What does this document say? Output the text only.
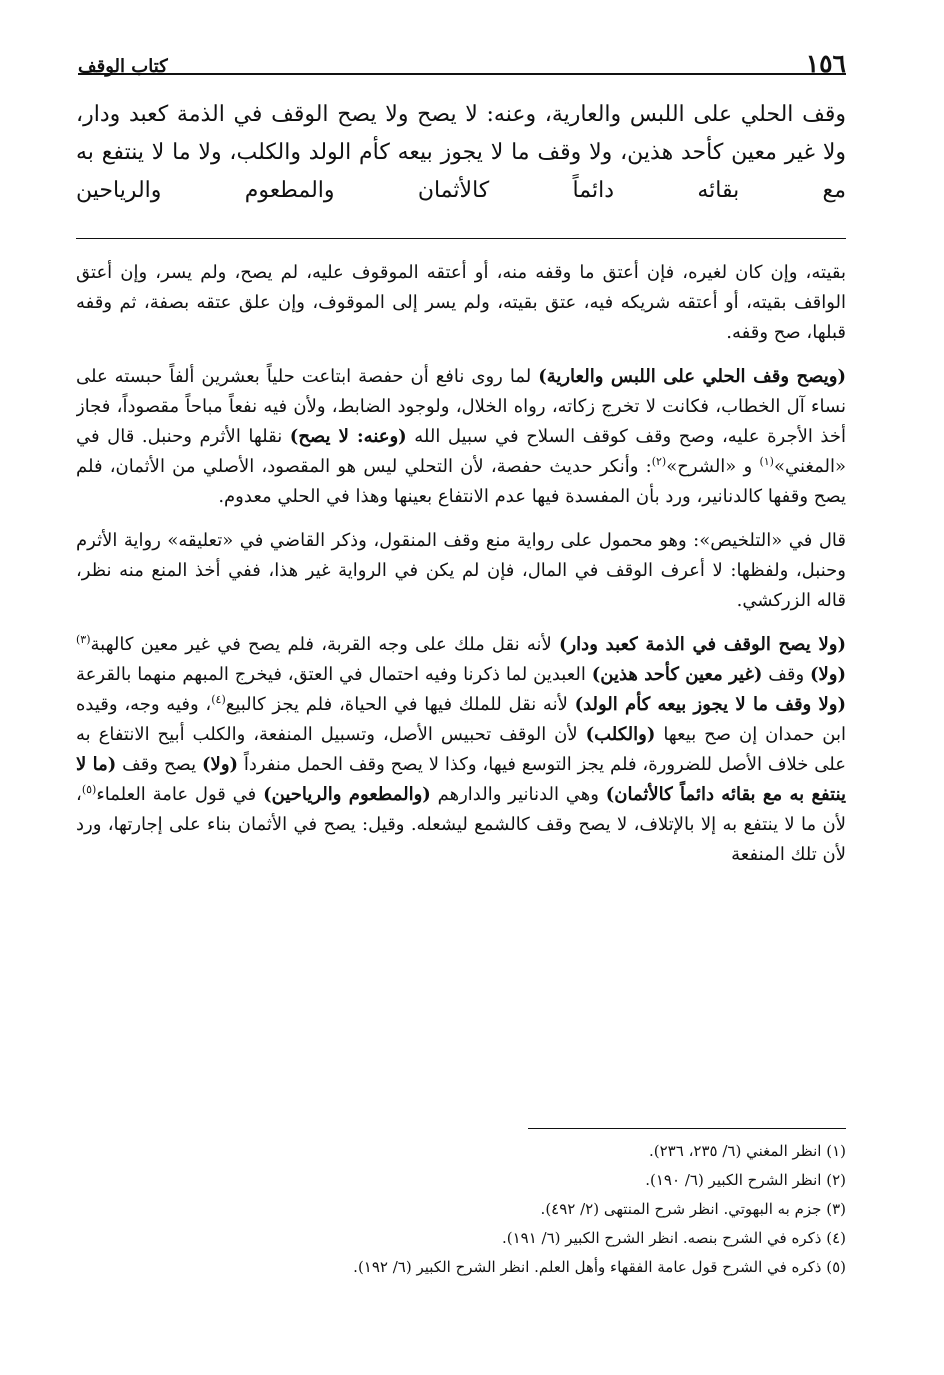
١٥٦
كتاب الوقف
وقف الحلي على اللبس والعارية، وعنه: لا يصح ولا يصح الوقف في الذمة كعبد ودار، ولا غير معين كأحد هذين، ولا وقف ما لا يجوز بيعه كأم الولد والكلب، ولا ما لا ينتفع به مع بقائه دائماً كالأثمان والمطعوم والرياحين

بقيته، وإن كان لغيره، فإن أعتق ما وقفه منه، أو أعتقه الموقوف عليه، لم يصح، ولم يسر، وإن أعتق الواقف بقيته، أو أعتقه شريكه فيه، عتق بقيته، ولم يسر إلى الموقوف، وإن علق عتقه بصفة، ثم وقفه قبلها، صح وقفه.

(ويصح وقف الحلي على اللبس والعارية) لما روى نافع أن حفصة ابتاعت حلياً بعشرين ألفاً حبسته على نساء آل الخطاب، فكانت لا تخرج زكاته، رواه الخلال، ولوجود الضابط، ولأن فيه نفعاً مباحاً مقصوداً، فجاز أخذ الأجرة عليه، وصح وقف كوقف السلاح في سبيل الله (وعنه: لا يصح) نقلها الأثرم وحنبل. قال في «المغني»$^{(١)}$ و «الشرح»$^{(٢)}$: وأنكر حديث حفصة، لأن التحلي ليس هو المقصود، الأصلي من الأثمان، فلم يصح وقفها كالدنانير، ورد بأن المفسدة فيها عدم الانتفاع بعينها وهذا في الحلي معدوم.

قال في «التلخيص»: وهو محمول على رواية منع وقف المنقول، وذكر القاضي في «تعليقه» رواية الأثرم وحنبل، ولفظها: لا أعرف الوقف في المال، فإن لم يكن في الرواية غير هذا، ففي أخذ المنع منه نظر، قاله الزركشي.

(ولا يصح الوقف في الذمة كعبد ودار) لأنه نقل ملك على وجه القربة، فلم يصح في غير معين كالهبة$^{(٣)}$ (ولا) وقف (غير معين كأحد هذين) العبدين لما ذكرنا وفيه احتمال في العتق، فيخرج المبهم منهما بالقرعة (ولا وقف ما لا يجوز بيعه كأم الولد) لأنه نقل للملك فيها في الحياة، فلم يجز كالبيع$^{(٤)}$، وفيه وجه، وقيده ابن حمدان إن صح بيعها (والكلب) لأن الوقف تحبيس الأصل، وتسبيل المنفعة، والكلب أبيح الانتفاع به على خلاف الأصل للضرورة، فلم يجز التوسع فيها، وكذا لا يصح وقف الحمل منفرداً (ولا) يصح وقف (ما لا ينتفع به مع بقائه دائماً كالأثمان) وهي الدنانير والدارهم (والمطعوم والرياحين) في قول عامة العلماء$^{(٥)}$، لأن ما لا ينتفع به إلا بالإتلاف، لا يصح وقف كالشمع ليشعله. وقيل: يصح في الأثمان بناء على إجارتها، ورد لأن تلك المنفعة

(١) انظر المغني (٦/ ٢٣٥، ٢٣٦).
(٢) انظر الشرح الكبير (٦/ ١٩٠).
(٣) جزم به البهوتي. انظر شرح المنتهى (٢/ ٤٩٢).
(٤) ذكره في الشرح بنصه. انظر الشرح الكبير (٦/ ١٩١).
(٥) ذكره في الشرح قول عامة الفقهاء وأهل العلم. انظر الشرح الكبير (٦/ ١٩٢).
